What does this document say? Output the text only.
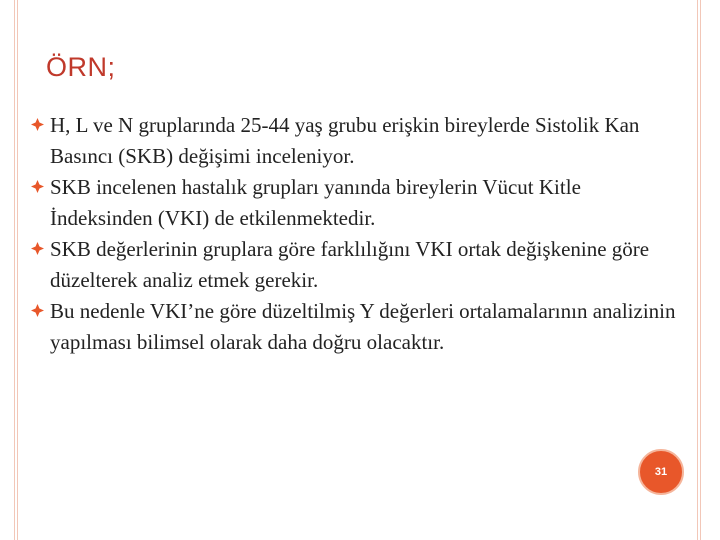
ÖRN;
H, L ve N gruplarında 25-44 yaş grubu erişkin bireylerde Sistolik Kan Basıncı (SKB) değişimi inceleniyor.
SKB incelenen hastalık grupları yanında bireylerin Vücut Kitle İndeksinden (VKI) de etkilenmektedir.
SKB değerlerinin gruplara göre farklılığını VKI ortak değişkenine göre düzelterek analiz etmek gerekir.
Bu nedenle VKI’ne göre düzeltilmiş Y değerleri ortalamalarının analizinin yapılması bilimsel olarak daha doğru olacaktır.
31
